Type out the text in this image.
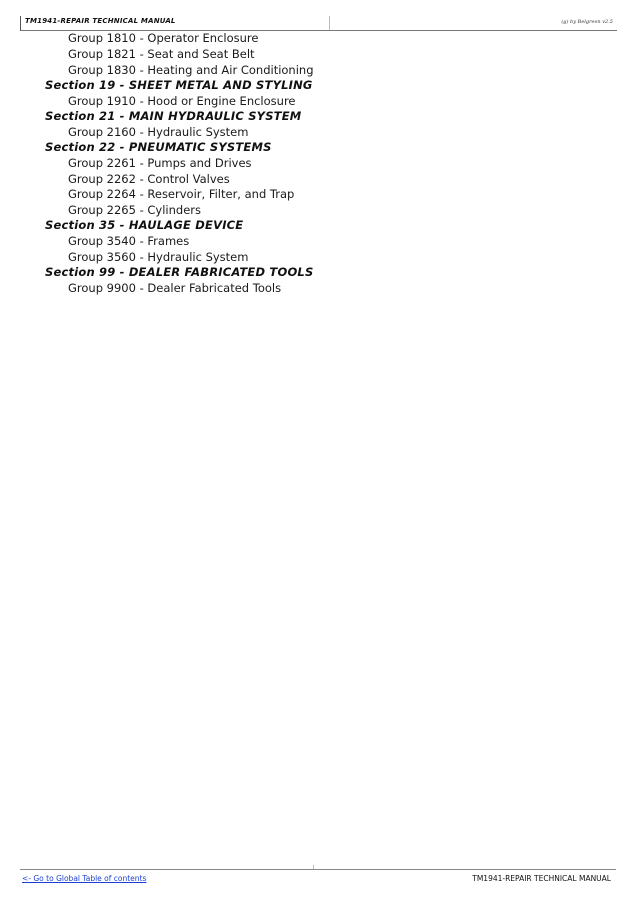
TM1941-REPAIR TECHNICAL MANUAL	(g) by Belgreen v2.5
Group 1810 - Operator Enclosure
Group 1821 - Seat and Seat Belt
Group 1830 - Heating and Air Conditioning
Section 19 - SHEET METAL AND STYLING
Group 1910 - Hood or Engine Enclosure
Section 21 - MAIN HYDRAULIC SYSTEM
Group 2160 - Hydraulic System
Section 22 - PNEUMATIC SYSTEMS
Group 2261 - Pumps and Drives
Group 2262 - Control Valves
Group 2264 - Reservoir, Filter, and Trap
Group 2265 - Cylinders
Section 35 - HAULAGE DEVICE
Group 3540 - Frames
Group 3560 - Hydraulic System
Section 99 - DEALER FABRICATED TOOLS
Group 9900 - Dealer Fabricated Tools
<- Go to Global Table of contents	TM1941-REPAIR TECHNICAL MANUAL
